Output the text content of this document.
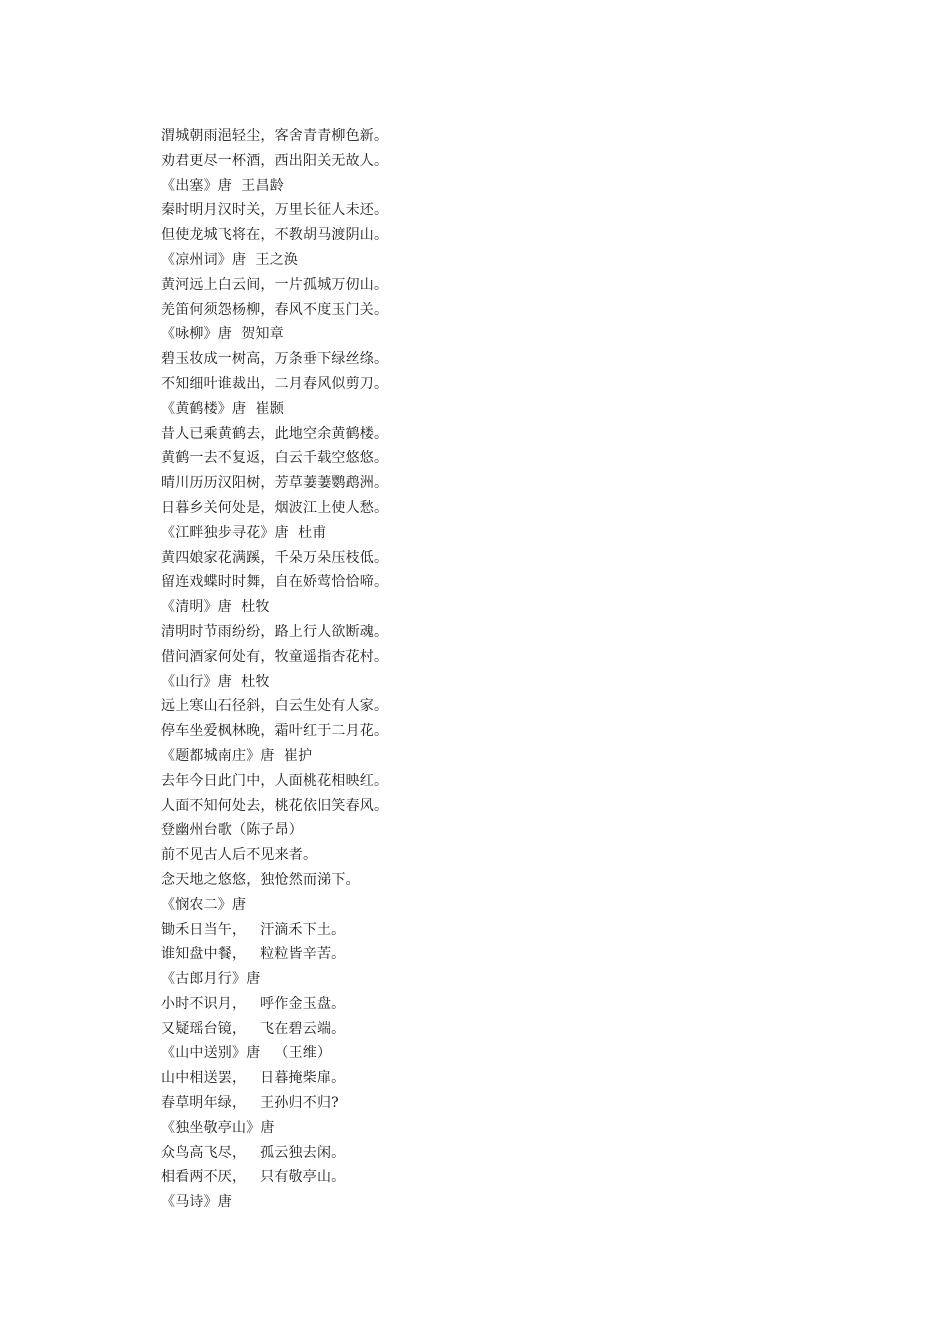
渭城朝雨浥轻尘，客舍青青柳色新。
劝君更尽一杯酒，西出阳关无故人。
《出塞》唐  王昌龄
秦时明月汉时关，万里长征人未还。
但使龙城飞将在，不教胡马渡阴山。
《凉州词》唐  王之涣
黄河远上白云间，一片孤城万仞山。
羌笛何须怨杨柳，春风不度玉门关。
《咏柳》唐  贺知章
碧玉妆成一树高，万条垂下绿丝绦。
不知细叶谁裁出，二月春风似剪刀。
《黄鹤楼》唐  崔颢
昔人已乘黄鹤去，此地空余黄鹤楼。
黄鹤一去不复返，白云千载空悠悠。
晴川历历汉阳树，芳草萋萋鹦鹉洲。
日暮乡关何处是，烟波江上使人愁。
《江畔独步寻花》唐  杜甫
黄四娘家花满蹊，千朵万朵压枝低。
留连戏蝶时时舞，自在娇莺恰恰啼。
《清明》唐  杜牧
清明时节雨纷纷，路上行人欲断魂。
借问酒家何处有，牧童遥指杏花村。
《山行》唐  杜牧
远上寒山石径斜，白云生处有人家。
停车坐爱枫林晚，霜叶红于二月花。
《题都城南庄》唐  崔护
去年今日此门中，人面桃花相映红。
人面不知何处去，桃花依旧笑春风。
登幽州台歌（陈子昂）
前不见古人后不见来者。
念天地之悠悠，独怆然而涕下。
《悯农二》唐
锄禾日当午，   汗滴禾下土。
谁知盘中餐，   粒粒皆辛苦。
《古郎月行》唐
小时不识月，   呼作金玉盘。
又疑瑶台镜，   飞在碧云端。
《山中送别》唐   （王维）
山中相送罢，   日暮掩柴扉。
春草明年绿，   王孙归不归?
《独坐敬亭山》唐
众鸟高飞尽，   孤云独去闲。
相看两不厌，   只有敬亭山。
《马诗》唐
